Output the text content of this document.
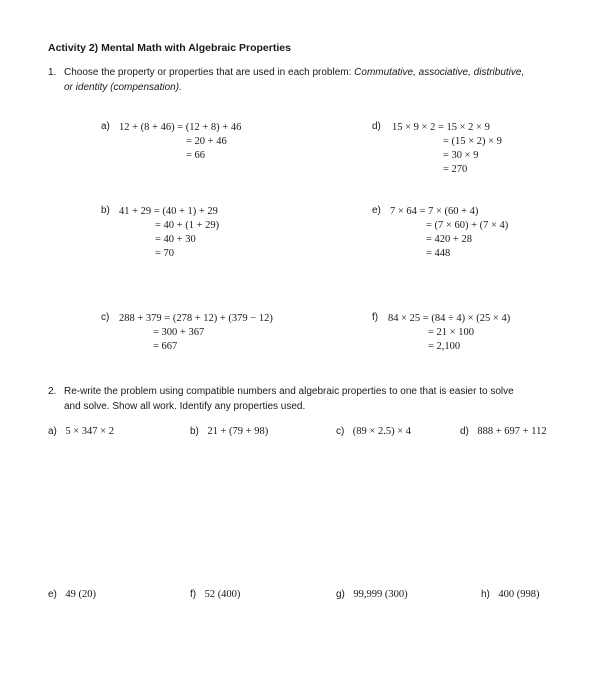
Activity 2) Mental Math with Algebraic Properties
1. Choose the property or properties that are used in each problem: Commutative, associative, distributive,
or identity (compensation).
a) 12 + (8 + 46) = (12 + 8) + 46
= 20 + 46
= 66
d) 15 × 9 × 2 = 15 × 2 × 9
= (15 × 2) × 9
= 30 × 9
= 270
b) 41 + 29 = (40 + 1) + 29
= 40 + (1 + 29)
= 40 + 30
= 70
e) 7 × 64 = 7 × (60 + 4)
= (7 × 60) + (7 × 4)
= 420 + 28
= 448
c) 288 + 379 = (278 + 12) + (379 − 12)
= 300 + 367
= 667
f) 84 × 25 = (84 ÷ 4) × (25 × 4)
= 21 × 100
= 2,100
2. Re-write the problem using compatible numbers and algebraic properties to one that is easier to solve
and solve. Show all work. Identify any properties used.
a) 5 × 347 × 2	b) 21 + (79 + 98)	c) (89 × 2.5) × 4	d) 888 + 697 + 112
e) 49 (20)	f) 52 (400)	g) 99,999 (300)	h) 400 (998)
